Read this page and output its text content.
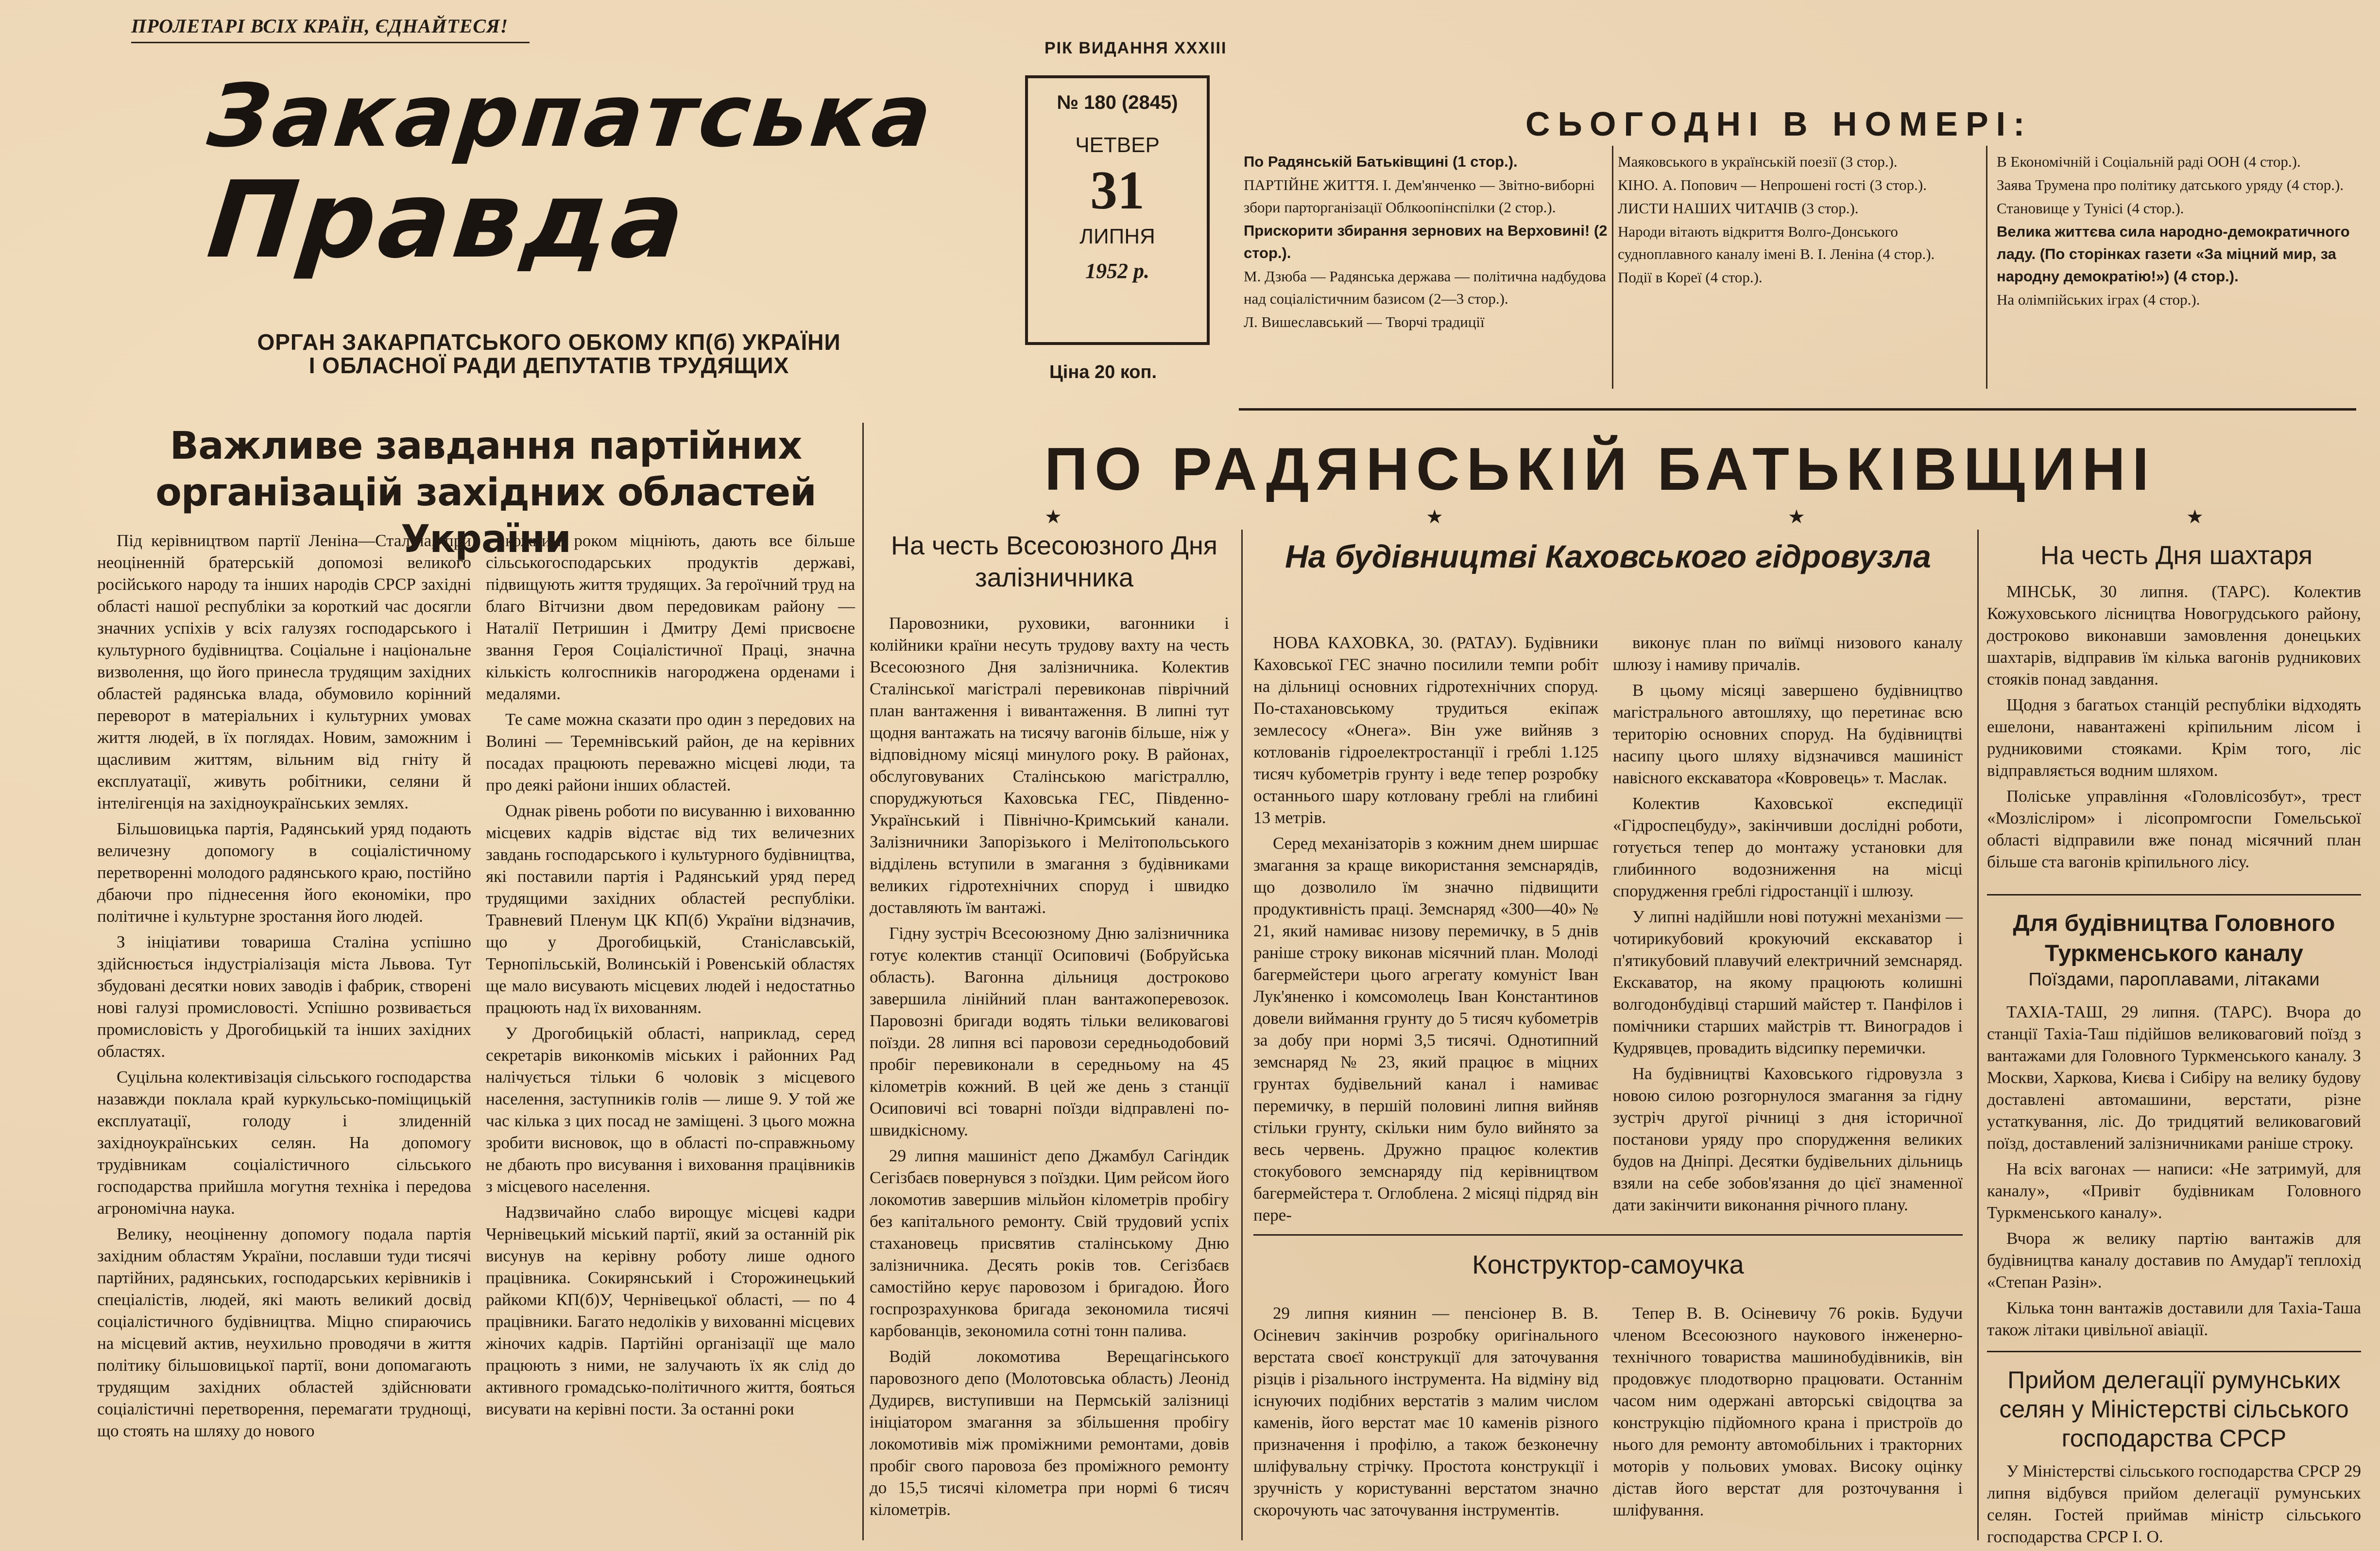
ПРОЛЕТАРІ ВСІХ КРАЇН, ЄДНАЙТЕСЯ!
Закарпатська
Правда
ОРГАН ЗАКАРПАТСЬКОГО ОБКОМУ КП(б) УКРАЇНИ
І ОБЛАСНОЇ РАДИ ДЕПУТАТІВ ТРУДЯЩИХ
РІК ВИДАННЯ XXXIII
№ 180 (2845)
ЧЕТВЕР
31
ЛИПНЯ
1952 р.
Ціна 20 коп.
СЬОГОДНІ В НОМЕРІ:

По Радянській Батьківщині (1 стор.).

ПАРТІЙНЕ ЖИТТЯ. І. Дем'янченко — Звітно-виборні збори парторганізації Облкоопінспілки (2 стор.).

Прискорити збирання зернових на Верховині! (2 стор.).

М. Дзюба — Радянська держава — політична надбудова над соціалістичним базисом (2—3 стор.).

Л. Вишеславський — Творчі традиції

Маяковського в українській поезії (3 стор.).

КІНО. А. Попович — Непрошені гості (3 стор.).

ЛИСТИ НАШИХ ЧИТАЧІВ (3 стор.).

Народи вітають відкриття Волго-Донського судноплавного каналу імені В. І. Леніна (4 стор.).

Події в Кореї (4 стор.).

В Економічній і Соціальній раді ООН (4 стор.).

Заява Трумена про політику датського уряду (4 стор.).

Становище у Тунісі (4 стор.).

Велика життєва сила народно-демократичного ладу. (По сторінках газети «За міцний мир, за народну демократію!») (4 стор.).

На олімпійських іграх (4 стор.).

Важливе завдання партійних організацій західних областей України

Під керівництвом партії Леніна—Сталіна, при неоціненній братерській допомозі великого російського народу та інших народів СРСР західні області нашої республіки за короткий час досягли значних успіхів у всіх галузях господарського і культурного будівництва. Соціальне і національне визволення, що його принесла трудящим західних областей радянська влада, обумовило корінний переворот в матеріальних і культурних умовах життя людей, в їх поглядах. Новим, заможним і щасливим життям, вільним від гніту й експлуатації, живуть робітники, селяни й інтелігенція на західноукраїнських землях.

Більшовицька партія, Радянський уряд подають величезну допомогу в соціалістичному перетворенні молодого радянського краю, постійно дбаючи про піднесення його економіки, про політичне і культурне зростання його людей.

З ініціативи товариша Сталіна успішно здійснюється індустріалізація міста Львова. Тут збудовані десятки нових заводів і фабрик, створені нові галузі промисловості. Успішно розвивається промисловість у Дрогобицькій та інших західних областях.

Суцільна колективізація сільського господарства назавжди поклала край куркульсько-поміщицькій експлуатації, голоду і злиденній західноукраїнських селян. На допомогу трудівникам соціалістичного сільського господарства прийшла могутня техніка і передова агрономічна наука.

Велику, неоціненну допомогу подала партія західним областям України, пославши туди тисячі партійних, радянських, господарських керівників і спеціалістів, людей, які мають великий досвід соціалістичного будівництва. Міцно спираючись на місцевий актив, неухильно проводячи в життя політику більшовицької партії, вони допомагають трудящим західних областей здійснювати соціалістичні перетворення, перемагати труднощі, що стоять на шляху до нового

кожним роком міцніють, дають все більше сільськогосподарських продуктів державі, підвищують життя трудящих. За героїчний труд на благо Вітчизни двом передовикам району — Наталії Петришин і Дмитру Демі присвоєне звання Героя Соціалістичної Праці, значна кількість колгоспників нагороджена орденами і медалями.

Те саме можна сказати про один з передових на Волині — Теремнівський район, де на керівних посадах працюють переважно місцеві люди, та про деякі райони інших областей.

Однак рівень роботи по висуванню і вихованню місцевих кадрів відстає від тих величезних завдань господарського і культурного будівництва, які поставили партія і Радянський уряд перед трудящими західних областей республіки. Травневий Пленум ЦК КП(б) України відзначив, що у Дрогобицькій, Станіславській, Тернопільській, Волинській і Ровенській областях ще мало висувають місцевих людей і недостатньо працюють над їх вихованням.

У Дрогобицькій області, наприклад, серед секретарів виконкомів міських і районних Рад налічується тільки 6 чоловік з місцевого населення, заступників голів — лише 9. У той же час кілька з цих посад не заміщені. З цього можна зробити висновок, що в області по-справжньому не дбають про висування і виховання працівників з місцевого населення.

Надзвичайно слабо вирощує місцеві кадри Чернівецький міський партії, який за останній рік висунув на керівну роботу лише одного працівника. Сокирянський і Сторожинецький райкоми КП(б)У, Чернівецької області, — по 4 працівники. Багато недоліків у вихованні місцевих жіночих кадрів. Партійні організації ще мало працюють з ними, не залучають їх як слід до активного громадсько-політичного життя, бояться висувати на керівні пости. За останні роки

ПО РАДЯНСЬКІЙ БАТЬКІВЩИНІ
★	★	★	★
На честь Всесоюзного Дня залізничника

Паровозники, руховики, вагонники і колійники країни несуть трудову вахту на честь Всесоюзного Дня залізничника. Колектив Сталінської магістралі перевиконав піврічний план вантаження і вивантаження. В липні тут щодня вантажать на тисячу вагонів більше, ніж у відповідному місяці минулого року. В районах, обслуговуваних Сталінською магістраллю, споруджуються Каховська ГЕС, Південно-Український і Північно-Кримський канали. Залізничники Запорізького і Мелітопольського відділень вступили в змагання з будівниками великих гідротехнічних споруд і швидко доставляють їм вантажі.

Гідну зустріч Всесоюзному Дню залізничника готує колектив станції Осиповичі (Бобруйська область). Вагонна дільниця достроково завершила лінійний план вантажоперевозок. Паровозні бригади водять тільки великовагові поїзди. 28 липня всі паровози середньодобовий пробіг перевиконали в середньому на 45 кілометрів кожний. В цей же день з станції Осиповичі всі товарні поїзди відправлені по-швидкісному.

29 липня машиніст депо Джамбул Сагіндик Сегізбаєв повернувся з поїздки. Цим рейсом його локомотив завершив мільйон кілометрів пробігу без капітального ремонту. Свій трудовий успіх стахановець присвятив сталінському Дню залізничника. Десять років тов. Сегізбаєв самостійно керує паровозом і бригадою. Його госпрозрахункова бригада зекономила тисячі карбованців, зекономила сотні тонн палива.

Водій локомотива Верещагінського паровозного депо (Молотовська область) Леонід Дудирєв, виступивши на Пермській залізниці ініціатором змагання за збільшення пробігу локомотивів між проміжними ремонтами, довів пробіг свого паровоза без проміжного ремонту до 15,5 тисячі кілометра при нормі 6 тисяч кілометрів.

На будівництві Каховського гідровузла

НОВА КАХОВКА, 30. (РАТАУ). Будівники Каховської ГЕС значно посилили темпи робіт на дільниці основних гідротехнічних споруд. По-стахановському трудиться екіпаж землесосу «Онега». Він уже вийняв з котлованів гідроелектростанції і греблі 1.125 тисяч кубометрів грунту і веде тепер розробку останнього шару котловану греблі на глибині 13 метрів.

Серед механізаторів з кожним днем ширшає змагання за краще використання земснарядів, що дозволило їм значно підвищити продуктивність праці. Земснаряд «300—40» № 21, який намиває низову перемичку, в 5 днів раніше строку виконав місячний план. Молоді багермейстери цього агрегату комуніст Іван Лук'яненко і комсомолець Іван Константинов довели виймання грунту до 5 тисяч кубометрів за добу при нормі 3,5 тисячі. Однотипний земснаряд № 23, який працює в міцних грунтах будівельний канал і намиває перемичку, в першій половині липня вийняв стільки грунту, скільки ним було вийнято за весь червень. Дружно працює колектив стокубового земснаряду під керівництвом багермейстера т. Оглоблена. 2 місяці підряд він пере-

виконує план по виїмці низового каналу шлюзу і намиву причалів.

В цьому місяці завершено будівництво магістрального автошляху, що перетинає всю територію основних споруд. На будівництві насипу цього шляху відзначився машиніст навісного екскаватора «Ковровець» т. Маслак.

Колектив Каховської експедиції «Гідроспецбуду», закінчивши дослідні роботи, готується тепер до монтажу установки для глибинного водозниження на місці спорудження греблі гідростанції і шлюзу.

У липні надійшли нові потужні механізми — чотирикубовий крокуючий екскаватор і п'ятикубовий плавучий електричний земснаряд. Екскаватор, на якому працюють колишні волгодонбудівці старший майстер т. Панфілов і помічники старших майстрів тт. Виноградов і Кудрявцев, провадить відсипку перемички.

На будівництві Каховського гідровузла з новою силою розгорнулося змагання за гідну зустріч другої річниці з дня історичної постанови уряду про спорудження великих будов на Дніпрі. Десятки будівельних дільниць взяли на себе зобов'язання до цієї знаменної дати закінчити виконання річного плану.

Конструктор-самоучка

29 липня киянин — пенсіонер В. В. Осіневич закінчив розробку оригінального верстата своєї конструкції для заточування різців і різального інструмента. На відміну від існуючих подібних верстатів з малим числом каменів, його верстат має 10 каменів різного призначення і профілю, а також безконечну шліфувальну стрічку. Простота конструкції і зручність у користуванні верстатом значно скорочують час заточування інструментів.

Тепер В. В. Осіневичу 76 років. Будучи членом Всесоюзного наукового інженерно-технічного товариства машинобудівників, він продовжує плодотворно працювати. Останнім часом ним одержані авторські свідоцтва за конструкцію підйомного крана і пристроїв до нього для ремонту автомобільних і тракторних моторів у польових умовах. Високу оцінку дістав його верстат для розточування і шліфування.

На честь Дня шахтаря

МІНСЬК, 30 липня. (ТАРС). Колектив Кожуховського лісництва Новогрудського району, достроково виконавши замовлення донецьких шахтарів, відправив їм кілька вагонів рудникових стояків понад завдання.

Щодня з багатьох станцій республіки відходять ешелони, навантажені кріпильним лісом і рудниковими стояками. Крім того, ліс відправляється водним шляхом.

Поліське управління «Головлісозбут», трест «Мозлісліром» і лісопромгоспи Гомельської області відправили вже понад місячний план більше ста вагонів кріпильного лісу.

Для будівництва Головного Туркменського каналу
Поїздами, пароплавами, літаками

ТАХІА-ТАШ, 29 липня. (ТАРС). Вчора до станції Тахіа-Таш підійшов великоваговий поїзд з вантажами для Головного Туркменського каналу. З Москви, Харкова, Києва і Сибіру на велику будову доставлені автомашини, верстати, різне устаткування, ліс. До тридцятий великоваговий поїзд, доставлений залізничниками раніше строку.

На всіх вагонах — написи: «Не затримуй, для каналу», «Привіт будівникам Головного Туркменського каналу».

Вчора ж велику партію вантажів для будівництва каналу доставив по Амудар'ї теплохід «Степан Разін».

Кілька тонн вантажів доставили для Тахіа-Таша також літаки цивільної авіації.

Прийом делегації румунських селян у Міністерстві сільського господарства СРСР

У Міністерстві сільського господарства СРСР 29 липня відбувся прийом делегації румунських селян. Гостей приймав міністр сільського господарства СРСР І. О.
